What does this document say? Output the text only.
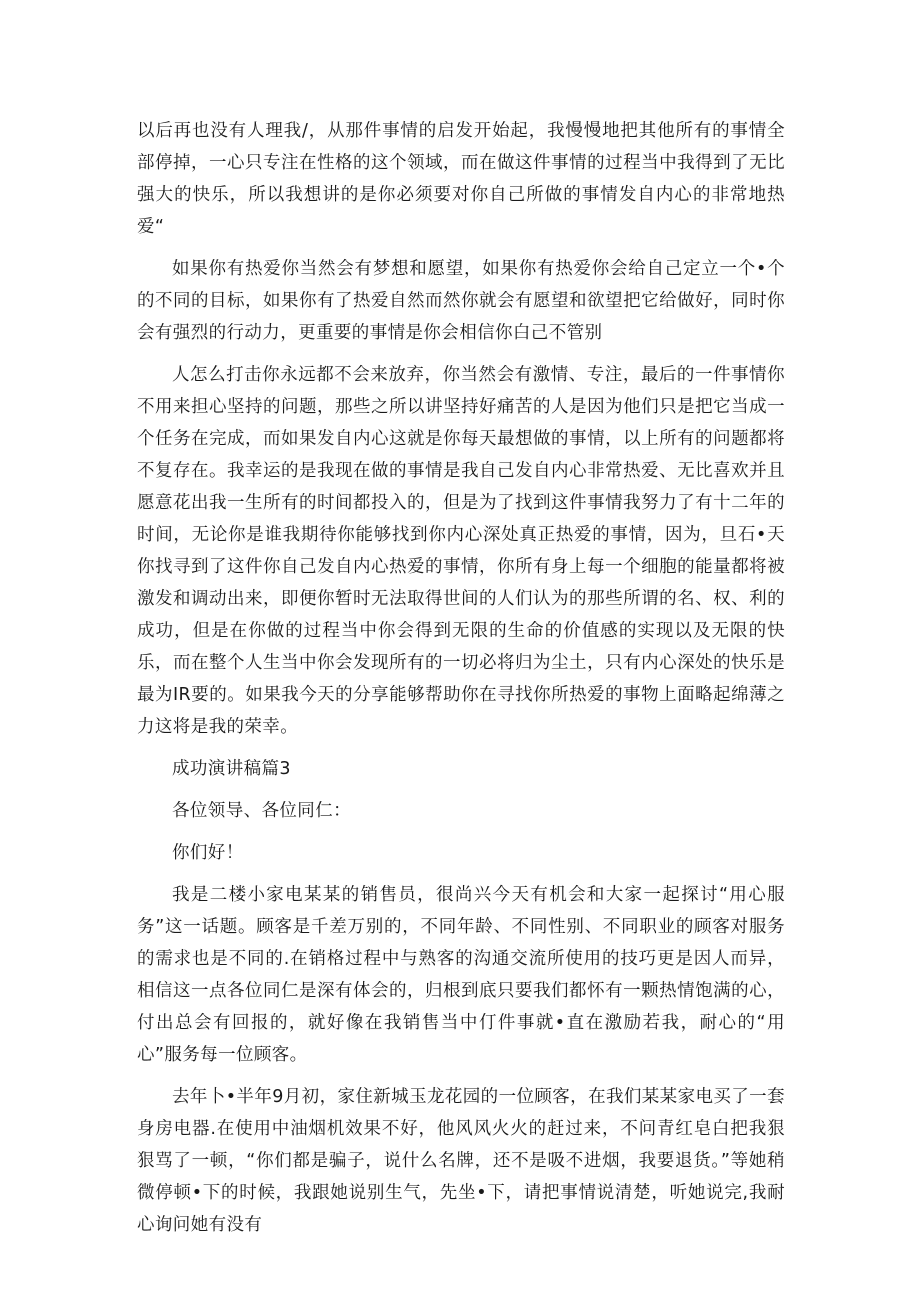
以后再也没有人理我/，从那件事情的启发开始起，我慢慢地把其他所有的事情全部停掉，一心只专注在性格的这个领域，而在做这件事情的过程当中我得到了无比强大的快乐，所以我想讲的是你必须要对你自己所做的事情发自内心的非常地热爱“

如果你有热爱你当然会有梦想和愿望，如果你有热爱你会给自己定立一个•个的不同的目标，如果你有了热爱自然而然你就会有愿望和欲望把它给做好，同时你会有强烈的行动力，更重要的事情是你会相信你白己不管别

人怎么打击你永远都不会来放弃，你当然会有激情、专注，最后的一件事情你不用来担心坚持的问题，那些之所以讲坚持好痛苦的人是因为他们只是把它当成一个任务在完成，而如果发自内心这就是你每天最想做的事情，以上所有的问题都将不复存在。我幸运的是我现在做的事情是我自己发自内心非常热爱、无比喜欢并且愿意花出我一生所有的时间都投入的，但是为了找到这件事情我努力了有十二年的时间，无论你是谁我期待你能够找到你内心深处真正热爱的事情，因为，旦石•天你找寻到了这件你自己发自内心热爱的事情，你所有身上每一个细胞的能量都将被激发和调动出来，即便你暂时无法取得世间的人们认为的那些所谓的名、权、利的成功，但是在你做的过程当中你会得到无限的生命的价值感的实现以及无限的快乐，而在整个人生当中你会发现所有的一切必将归为尘土，只有内心深处的快乐是最为IR要的。如果我今天的分享能够帮助你在寻找你所热爱的事物上面略起绵薄之力这将是我的荣幸。

成功演讲稿篇3

各位领导、各位同仁：

你们好！

我是二楼小家电某某的销售员，很尚兴今天有机会和大家一起探讨“用心服务”这一话题。顾客是千差万别的，不同年龄、不同性别、不同职业的顾客对服务的需求也是不同的.在销格过程中与熟客的沟通交流所使用的技巧更是因人而异，相信这一点各位同仁是深有体会的，归根到底只要我们都怀有一颗热情饱满的心，付出总会有回报的，就好像在我销售当中仃件事就•直在激励若我，耐心的“用心”服务每一位顾客。

去年卜•半年9月初，家住新城玉龙花园的一位顾客，在我们某某家电买了一套身房电器.在使用中油烟机效果不好，他风风火火的赶过来，不问青红皂白把我狠狠骂了一顿，“你们都是骗子，说什么名牌，还不是吸不进烟，我要退货。”等她稍微停顿•下的时候，我跟她说别生气，先坐•下，请把事情说清楚，听她说完,我耐心询问她有没有
